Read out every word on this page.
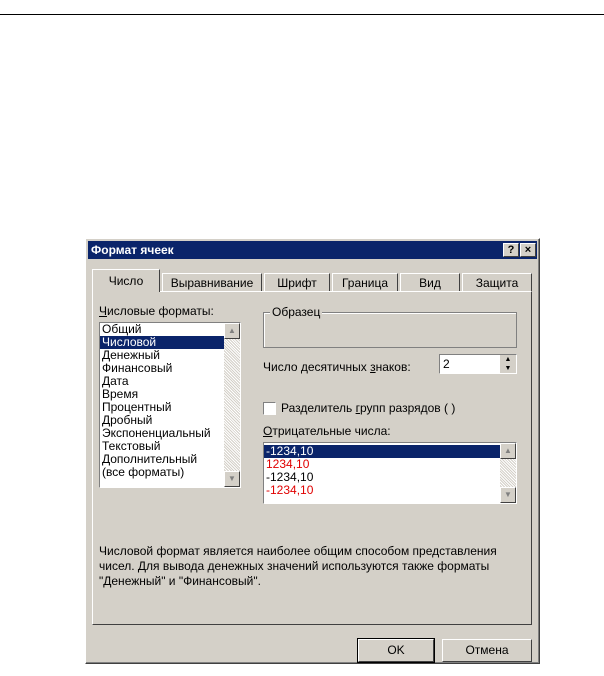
Формат ячеек	? ×
Число	Выравнивание	Шрифт	Граница	Вид	Защита
Числовые форматы:
Общий
Числовой
Денежный
Финансовый
Дата
Время
Процентный
Дробный
Экспоненциальный
Текстовый
Дополнительный
(все форматы)
▲
▼
Образец
Число десятичных знаков:	2	▲
▼
Разделитель групп разрядов ( )
Отрицательные числа:
-1234,10
1234,10
-1234,10
-1234,10
▲
▼
Числовой формат является наиболее общим способом представления чисел. Для вывода денежных значений используются также форматы "Денежный" и "Финансовый".
OK	Отмена
